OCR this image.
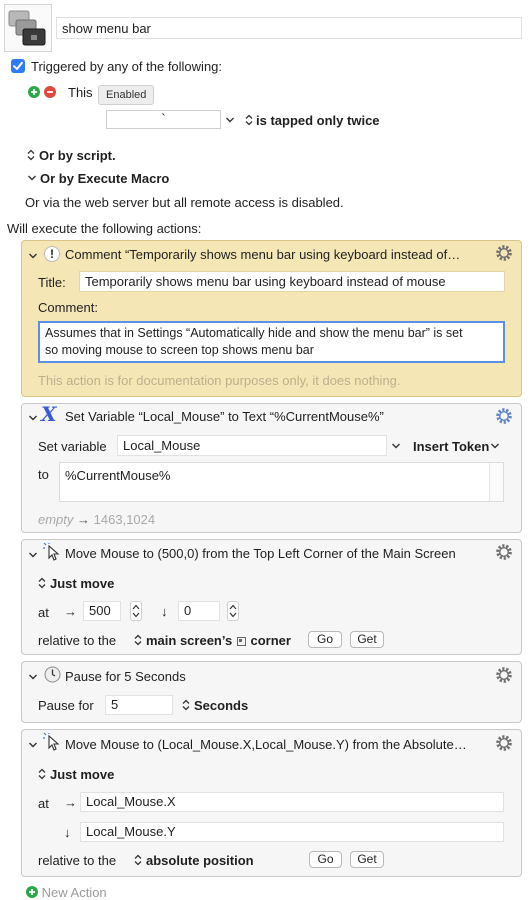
show menu bar
Triggered by any of the following:
This	Enabled
`	is tapped only twice
Or by script.
Or by Execute Macro
Or via the web server but all remote access is disabled.
Will execute the following actions:
! Comment “Temporarily shows menu bar using keyboard instead of…
Title:	Temporarily shows menu bar using keyboard instead of mouse
Comment:
Assumes that in Settings “Automatically hide and show the menu bar” is set
so moving mouse to screen top shows menu bar
This action is for documentation purposes only, it does nothing.
X Set Variable “Local_Mouse” to Text “%CurrentMouse%”
Set variable	Local_Mouse	Insert Token
to	%CurrentMouse%
empty → 1463,1024
Move Mouse to (500,0) from the Top Left Corner of the Main Screen
Just move
at → 500	↓	0
relative to the main screen’s corner	Go	Get
Pause for 5 Seconds
Pause for	5	Seconds
Move Mouse to (Local_Mouse.X,Local_Mouse.Y) from the Absolute…
Just move
at → Local_Mouse.X
↓	Local_Mouse.Y
relative to the absolute position	Go	Get
New Action
